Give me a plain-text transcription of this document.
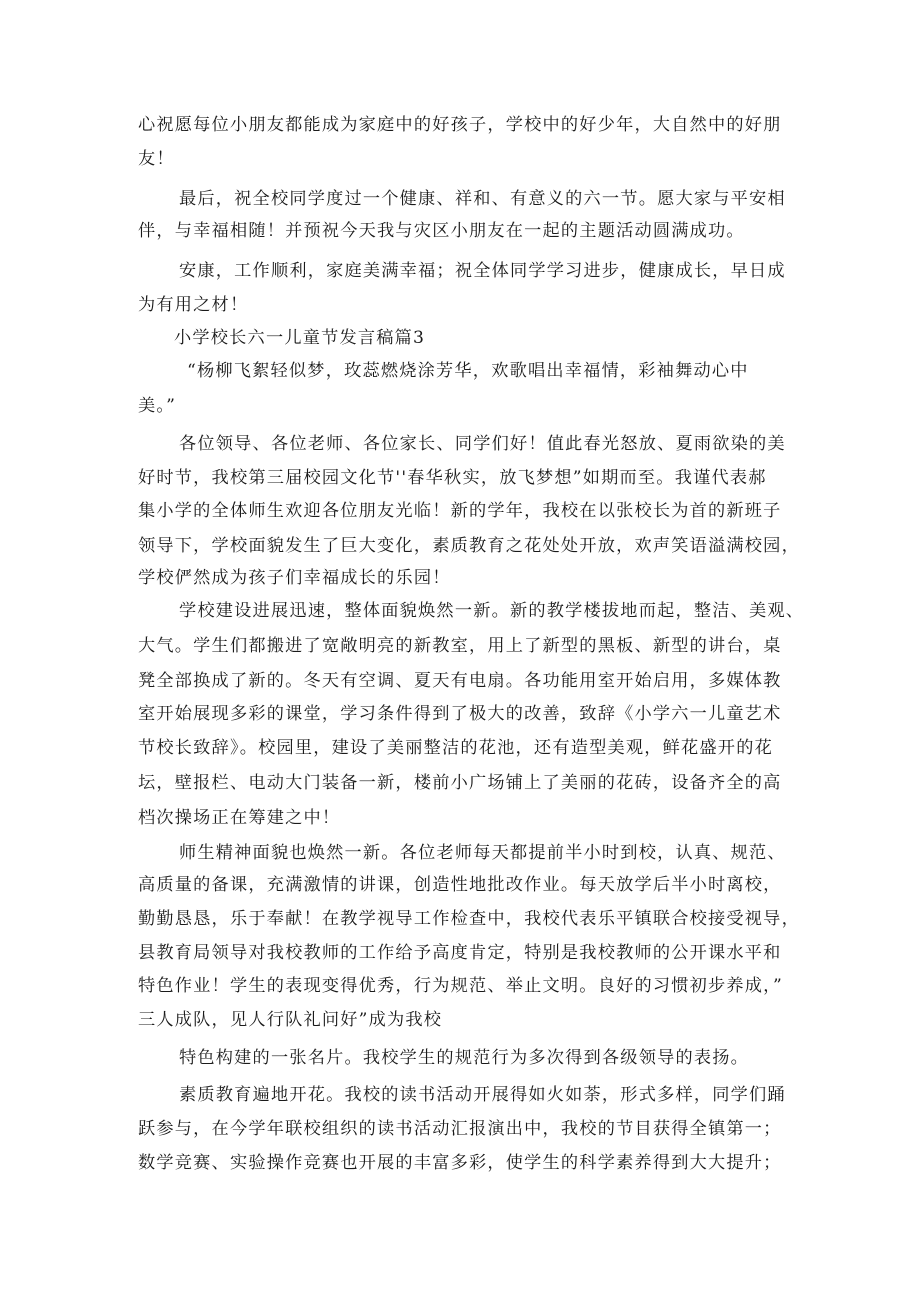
心祝愿每位小朋友都能成为家庭中的好孩子，学校中的好少年，大自然中的好朋
友！
最后，祝全校同学度过一个健康、祥和、有意义的六一节。愿大家与平安相
伴，与幸福相随！并预祝今天我与灾区小朋友在一起的主题活动圆满成功。
安康，工作顺利，家庭美满幸福；祝全体同学学习进步，健康成长，早日成
为有用之材！
小学校长六一儿童节发言稿篇3
“杨柳飞絮轻似梦，玫蕊燃烧涂芳华，欢歌唱出幸福情，彩袖舞动心中
美。”
各位领导、各位老师、各位家长、同学们好！值此春光怒放、夏雨欲染的美
好时节，我校第三届校园文化节''春华秋实，放飞梦想”如期而至。我谨代表郝
集小学的全体师生欢迎各位朋友光临！新的学年，我校在以张校长为首的新班子
领导下，学校面貌发生了巨大变化，素质教育之花处处开放，欢声笑语溢满校园，
学校俨然成为孩子们幸福成长的乐园！
学校建设进展迅速，整体面貌焕然一新。新的教学楼拔地而起，整洁、美观、
大气。学生们都搬进了宽敞明亮的新教室，用上了新型的黑板、新型的讲台，桌
凳全部换成了新的。冬天有空调、夏天有电扇。各功能用室开始启用，多媒体教
室开始展现多彩的课堂，学习条件得到了极大的改善，致辞《小学六一儿童艺术
节校长致辞》。校园里，建设了美丽整洁的花池，还有造型美观，鲜花盛开的花
坛，壁报栏、电动大门装备一新，楼前小广场铺上了美丽的花砖，设备齐全的高
档次操场正在筹建之中！
师生精神面貌也焕然一新。各位老师每天都提前半小时到校，认真、规范、
高质量的备课，充满激情的讲课，创造性地批改作业。每天放学后半小时离校，
勤勤恳恳，乐于奉献！在教学视导工作检查中，我校代表乐平镇联合校接受视导，
县教育局领导对我校教师的工作给予高度肯定，特别是我校教师的公开课水平和
特色作业！学生的表现变得优秀，行为规范、举止文明。良好的习惯初步养成，”
三人成队，见人行队礼问好”成为我校
特色构建的一张名片。我校学生的规范行为多次得到各级领导的表扬。
素质教育遍地开花。我校的读书活动开展得如火如荼，形式多样，同学们踊
跃参与，在今学年联校组织的读书活动汇报演出中，我校的节目获得全镇第一；
数学竞赛、实验操作竞赛也开展的丰富多彩，使学生的科学素养得到大大提升；
